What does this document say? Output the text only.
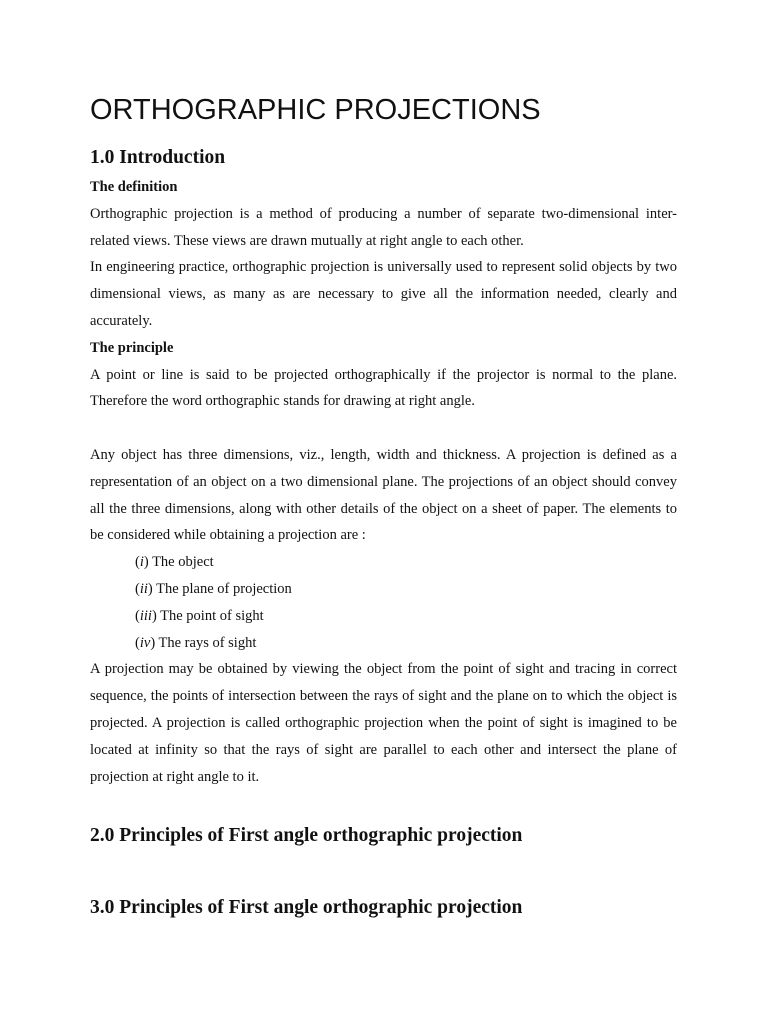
ORTHOGRAPHIC PROJECTIONS
1.0 Introduction
The definition

Orthographic projection is a method of producing a number of separate two-dimensional inter-related views. These views are drawn mutually at right angle to each other.

In engineering practice, orthographic projection is universally used to represent solid objects by two dimensional views, as many as are necessary to give all the information needed, clearly and accurately.

The principle

A point or line is said to be projected orthographically if the projector is normal to the plane. Therefore the word orthographic stands for drawing at right angle.

Any object has three dimensions, viz., length, width and thickness. A projection is defined as a representation of an object on a two dimensional plane. The projections of an object should convey all the three dimensions, along with other details of the object on a sheet of paper. The elements to be considered while obtaining a projection are :

(i) The object
(ii) The plane of projection
(iii) The point of sight
(iv) The rays of sight

A projection may be obtained by viewing the object from the point of sight and tracing in correct sequence, the points of intersection between the rays of sight and the plane on to which the object is projected. A projection is called orthographic projection when the point of sight is imagined to be located at infinity so that the rays of sight are parallel to each other and intersect the plane of projection at right angle to it.

2.0 Principles of First angle orthographic projection
3.0 Principles of First angle orthographic projection
